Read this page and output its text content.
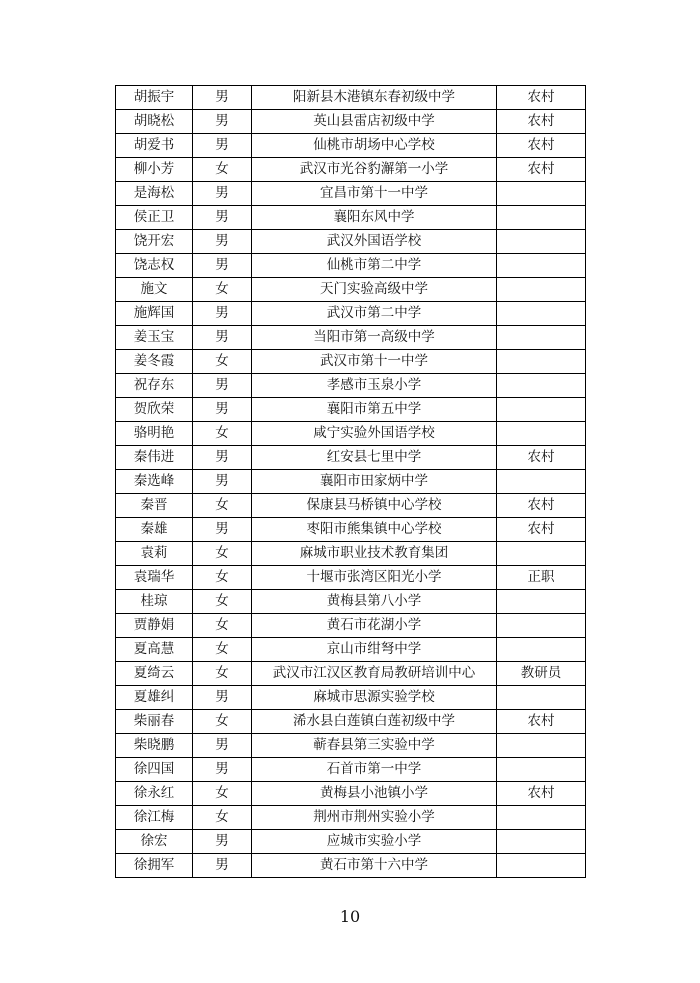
胡振宇	男	阳新县木港镇东春初级中学	农村
胡晓松	男	英山县雷店初级中学	农村
胡爱书	男	仙桃市胡场中心学校	农村
柳小芳	女	武汉市光谷豹澥第一小学	农村
是海松	男	宜昌市第十一中学	
侯正卫	男	襄阳东风中学	
饶开宏	男	武汉外国语学校	
饶志权	男	仙桃市第二中学	
施文	女	天门实验高级中学	
施辉国	男	武汉市第二中学	
姜玉宝	男	当阳市第一高级中学	
姜冬霞	女	武汉市第十一中学	
祝存东	男	孝感市玉泉小学	
贺欣荣	男	襄阳市第五中学	
骆明艳	女	咸宁实验外国语学校	
秦伟进	男	红安县七里中学	农村
秦选峰	男	襄阳市田家炳中学	
秦晋	女	保康县马桥镇中心学校	农村
秦雄	男	枣阳市熊集镇中心学校	农村
袁莉	女	麻城市职业技术教育集团	
袁瑞华	女	十堰市张湾区阳光小学	正职
桂琼	女	黄梅县第八小学	
贾静娟	女	黄石市花湖小学	
夏高慧	女	京山市绀弩中学	
夏绮云	女	武汉市江汉区教育局教研培训中心	教研员
夏雄纠	男	麻城市思源实验学校	
柴丽春	女	浠水县白莲镇白莲初级中学	农村
柴晓鹏	男	蕲春县第三实验中学	
徐四国	男	石首市第一中学	
徐永红	女	黄梅县小池镇小学	农村
徐江梅	女	荆州市荆州实验小学	
徐宏	男	应城市实验小学	
徐拥军	男	黄石市第十六中学	
10
